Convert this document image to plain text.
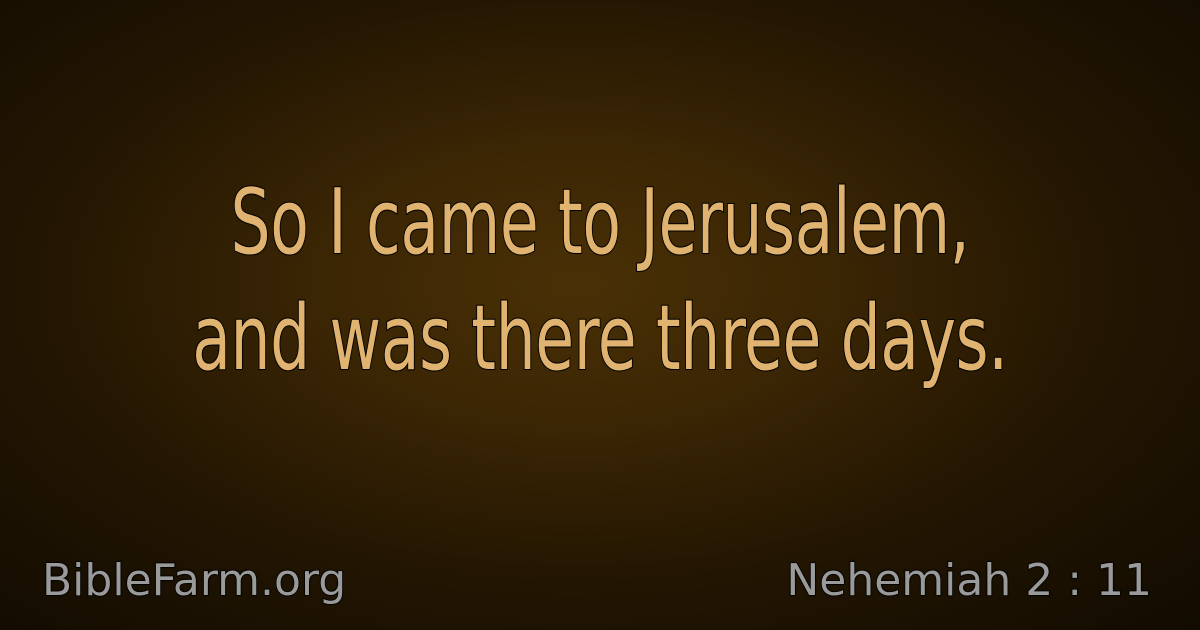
So I came to Jerusalem,
and was there three days.
BibleFarm.org	Nehemiah 2 : 11
